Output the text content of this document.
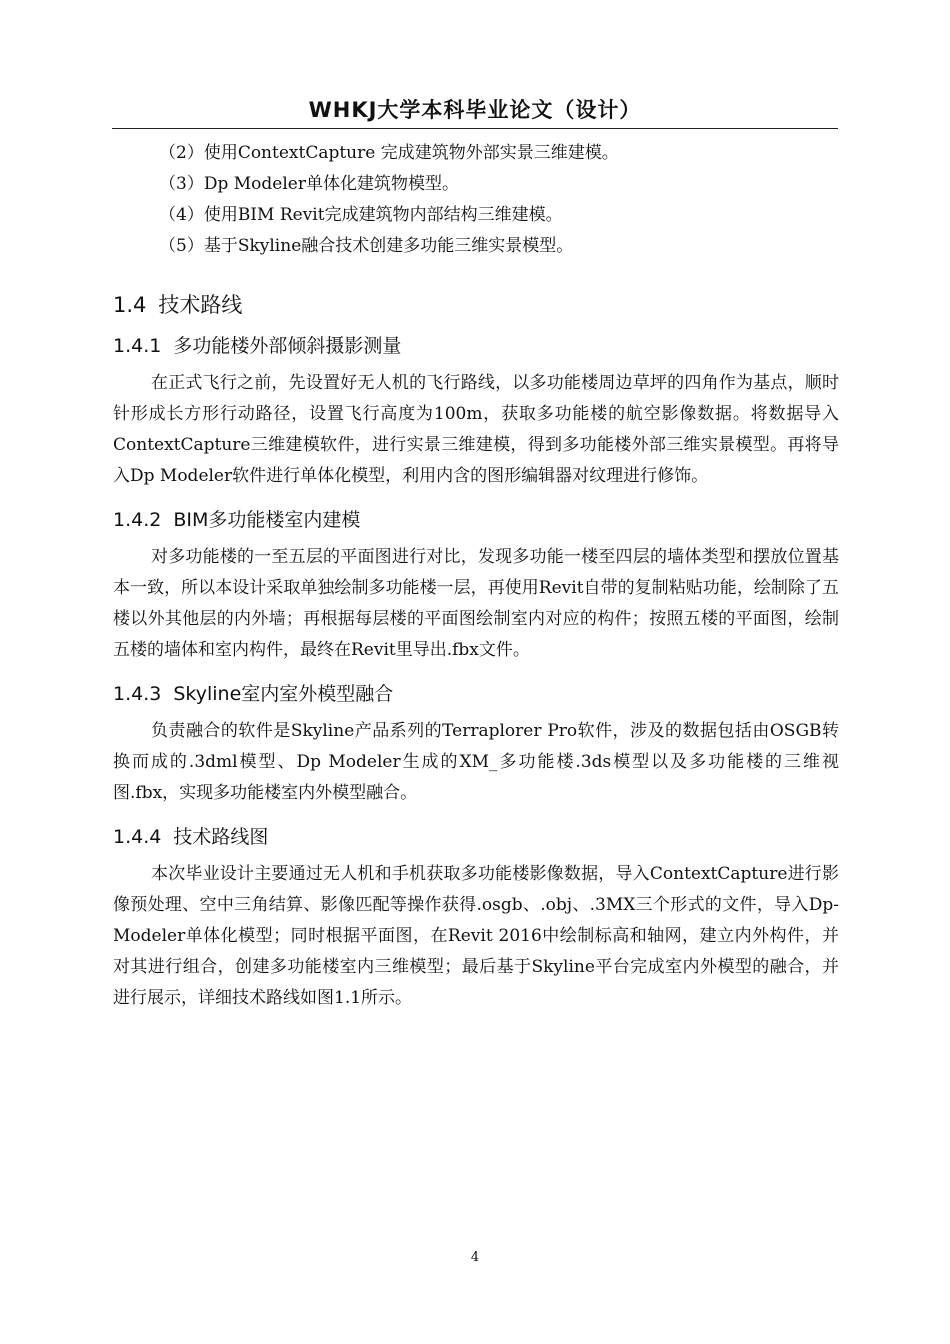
WHKJ大学本科毕业论文（设计）
（2）使用ContextCapture 完成建筑物外部实景三维建模。
（3）Dp Modeler单体化建筑物模型。
（4）使用BIM Revit完成建筑物内部结构三维建模。
（5）基于Skyline融合技术创建多功能三维实景模型。
1.4 技术路线
1.4.1 多功能楼外部倾斜摄影测量
在正式飞行之前，先设置好无人机的飞行路线，以多功能楼周边草坪的四角作为基点，顺时针形成长方形行动路径，设置飞行高度为100m，获取多功能楼的航空影像数据。将数据导入ContextCapture三维建模软件，进行实景三维建模，得到多功能楼外部三维实景模型。再将导入Dp Modeler软件进行单体化模型，利用内含的图形编辑器对纹理进行修饰。
1.4.2 BIM多功能楼室内建模
对多功能楼的一至五层的平面图进行对比，发现多功能一楼至四层的墙体类型和摆放位置基本一致，所以本设计采取单独绘制多功能楼一层，再使用Revit自带的复制粘贴功能，绘制除了五楼以外其他层的内外墙；再根据每层楼的平面图绘制室内对应的构件；按照五楼的平面图，绘制五楼的墙体和室内构件，最终在Revit里导出.fbx文件。
1.4.3 Skyline室内室外模型融合
负责融合的软件是Skyline产品系列的Terraplorer Pro软件，涉及的数据包括由OSGB转换而成的.3dml模型、Dp Modeler生成的XM_多功能楼.3ds模型以及多功能楼的三维视图.fbx，实现多功能楼室内外模型融合。
1.4.4 技术路线图
本次毕业设计主要通过无人机和手机获取多功能楼影像数据，导入ContextCapture进行影像预处理、空中三角结算、影像匹配等操作获得.osgb、.obj、.3MX三个形式的文件，导入Dp-Modeler单体化模型；同时根据平面图，在Revit 2016中绘制标高和轴网，建立内外构件，并对其进行组合，创建多功能楼室内三维模型；最后基于Skyline平台完成室内外模型的融合，并进行展示，详细技术路线如图1.1所示。
4
